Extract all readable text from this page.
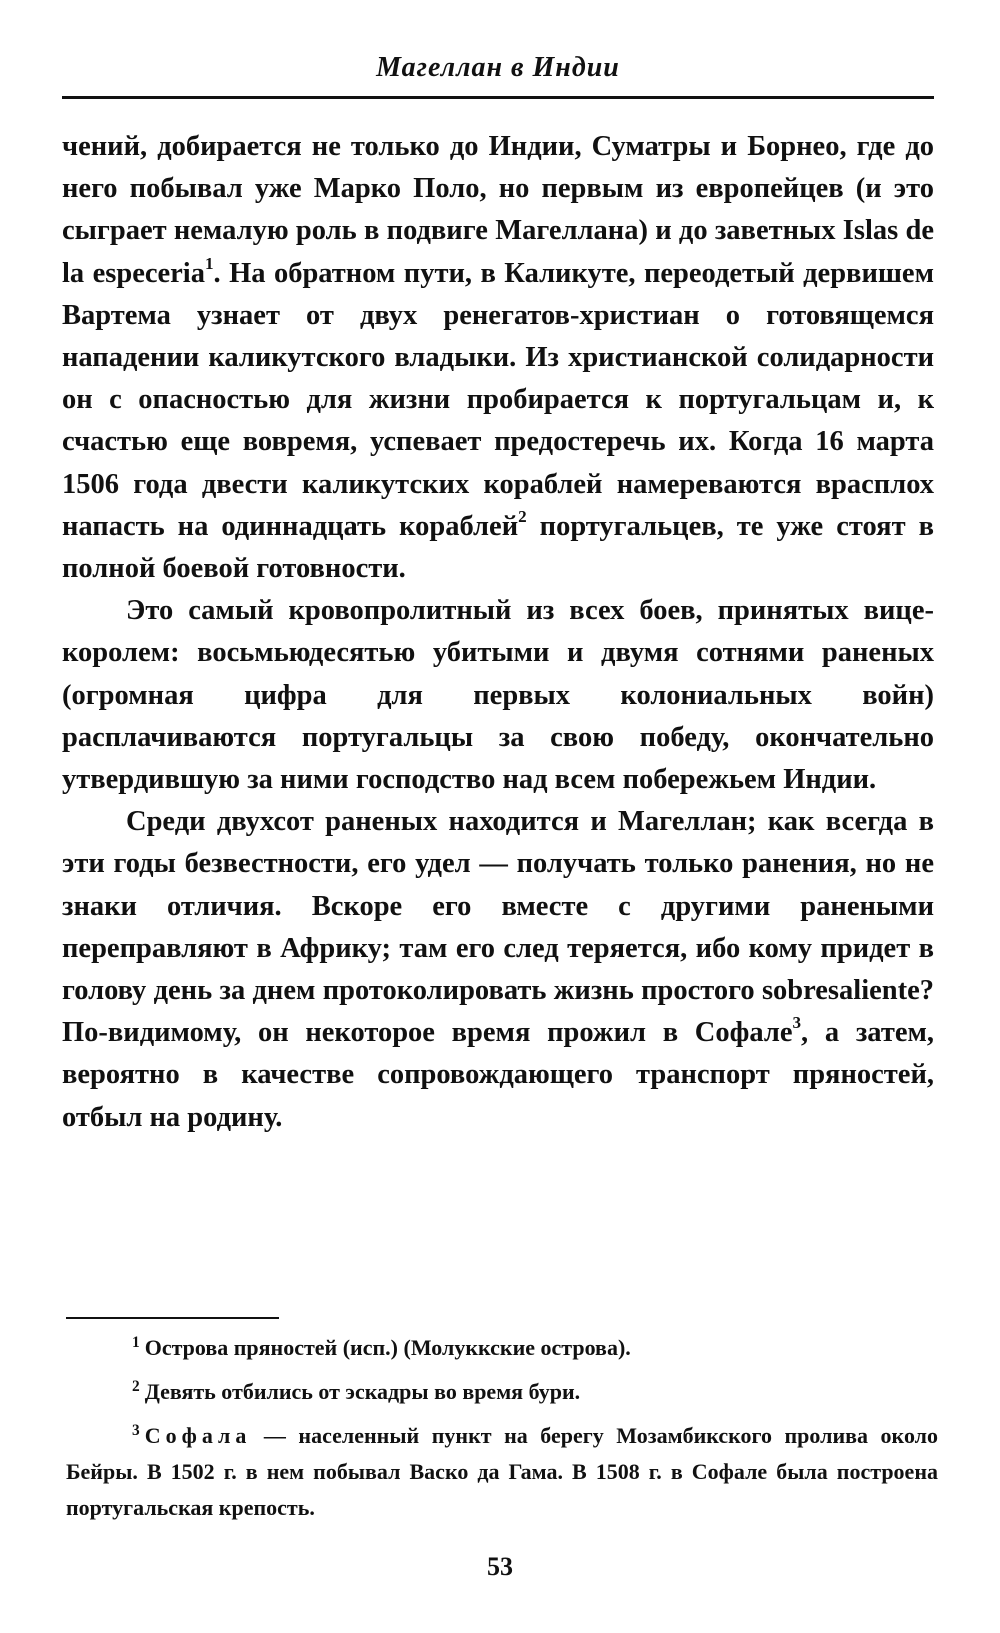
Магеллан в Индии

чений, добирается не только до Индии, Суматры и Борнео, где до него побывал уже Марко Поло, но первым из европейцев (и это сыграет немалую роль в подвиге Магеллана) и до заветных Islas de la especeria$^1$. На обратном пути, в Каликуте, переодетый дервишем Вартема узнает от двух ренегатов-христиан о готовящемся нападении каликутского владыки. Из христианской солидарности он с опасностью для жизни пробирается к португальцам и, к счастью еще вовремя, успевает предостеречь их. Когда 16 марта 1506 года двести каликутских кораблей намереваются врасплох напасть на одиннадцать кораблей$^2$ португальцев, те уже стоят в полной боевой готовности.

Это самый кровопролитный из всех боев, принятых вице-королем: восьмьюдесятью убитыми и двумя сотнями раненых (огромная цифра для первых колониальных войн) расплачиваются португальцы за свою победу, окончательно утвердившую за ними господство над всем побережьем Индии.

Среди двухсот раненых находится и Магеллан; как всегда в эти годы безвестности, его удел — получать только ранения, но не знаки отличия. Вскоре его вместе с другими ранеными переправляют в Африку; там его след теряется, ибо кому придет в голову день за днем протоколировать жизнь простого sobresaliente? По-видимому, он некоторое время прожил в Софале$^3$, а затем, вероятно в качестве сопровождающего транспорт пряностей, отбыл на родину.

$^1$ Острова пряностей (исп.) (Молуккские острова).

$^2$ Девять отбились от эскадры во время бури.

$^3$ Софала — населенный пункт на берегу Мозамбикского пролива около Бейры. В 1502 г. в нем побывал Васко да Гама. В 1508 г. в Софале была построена португальская крепость.

53
